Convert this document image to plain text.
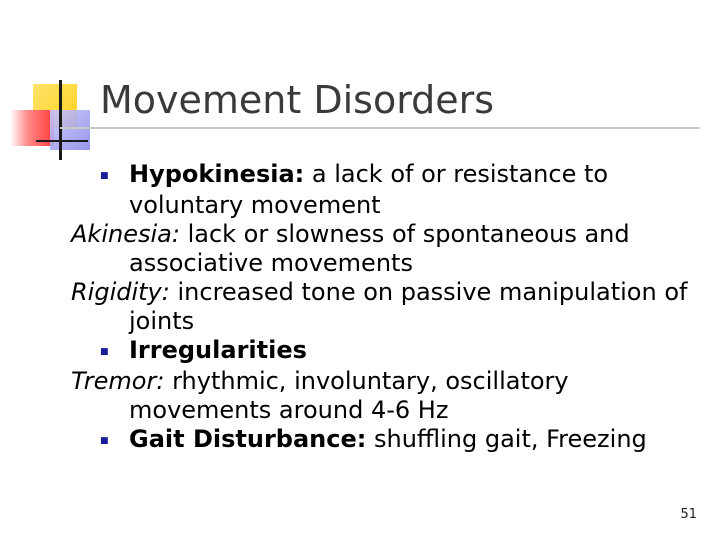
Movement Disorders

■Hypokinesia: a lack of or resistance to voluntary movement

Akinesia: lack or slowness of spontaneous and associative movements

Rigidity: increased tone on passive manipulation of joints

■Irregularities

Tremor: rhythmic, involuntary, oscillatory movements around 4-6 Hz

■Gait Disturbance: shuffling gait, Freezing

51
